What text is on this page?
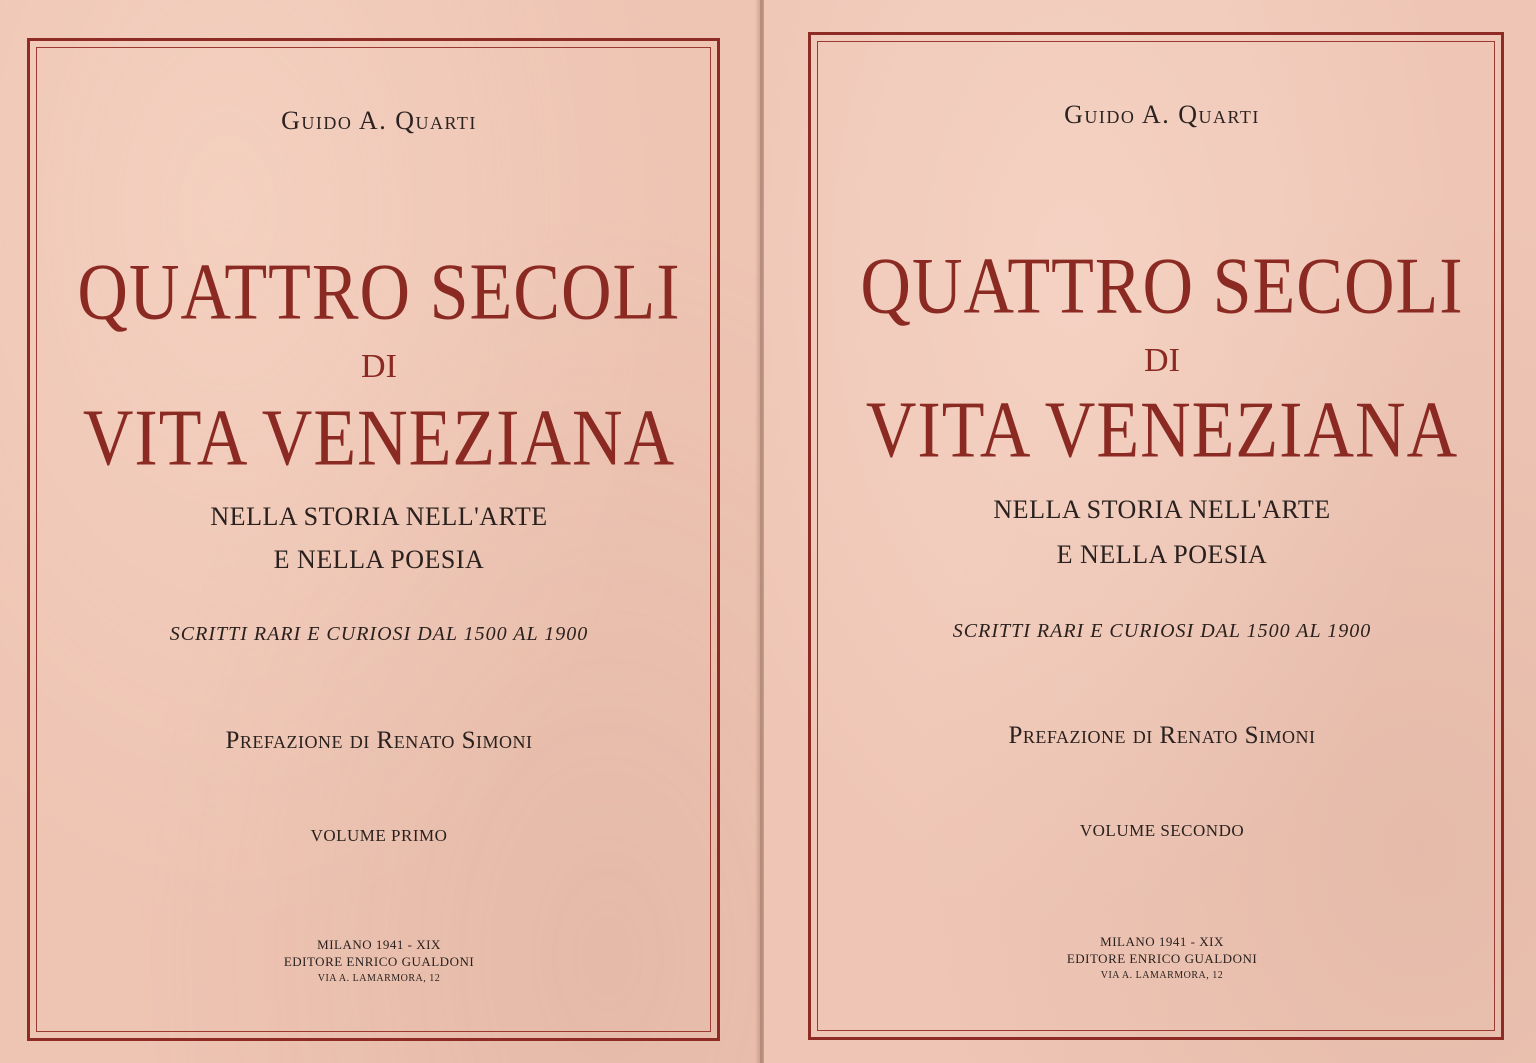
Guido A. Quarti
QUATTRO SECOLI
DI
VITA VENEZIANA
NELLA STORIA NELL'ARTE
E NELLA POESIA
SCRITTI RARI E CURIOSI DAL 1500 AL 1900
Prefazione di Renato Simoni
VOLUME PRIMO
MILANO 1941 - XIX
EDITORE ENRICO GUALDONI
VIA A. LAMARMORA, 12
Guido A. Quarti
QUATTRO SECOLI
DI
VITA VENEZIANA
NELLA STORIA NELL'ARTE
E NELLA POESIA
SCRITTI RARI E CURIOSI DAL 1500 AL 1900
Prefazione di Renato Simoni
VOLUME SECONDO
MILANO 1941 - XIX
EDITORE ENRICO GUALDONI
VIA A. LAMARMORA, 12
